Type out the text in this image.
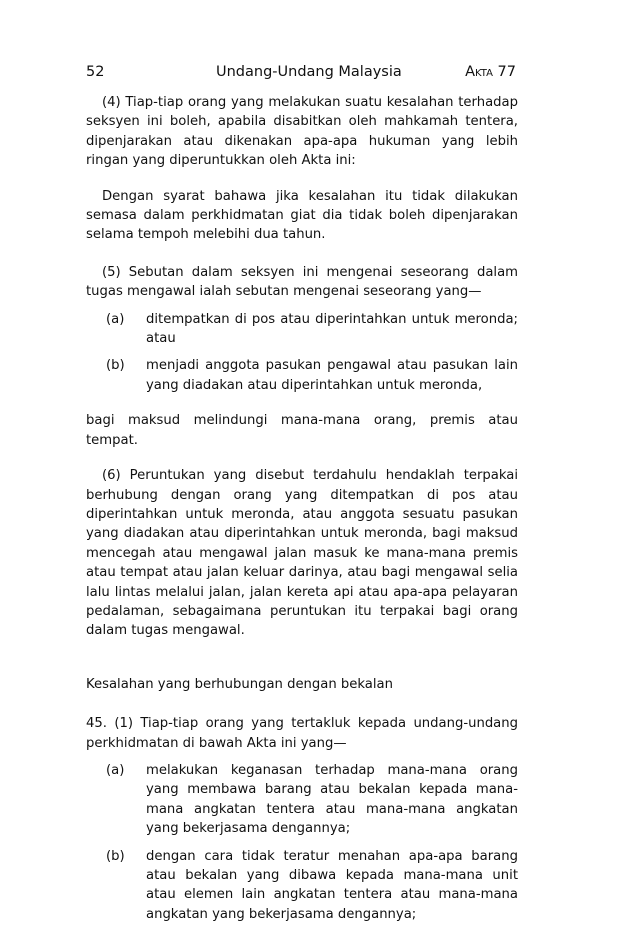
52	Undang-Undang Malaysia	Akta 77

(4) Tiap-tiap orang yang melakukan suatu kesalahan terhadap seksyen ini boleh, apabila disabitkan oleh mahkamah tentera, dipenjarakan atau dikenakan apa-apa hukuman yang lebih ringan yang diperuntukkan oleh Akta ini:

Dengan syarat bahawa jika kesalahan itu tidak dilakukan semasa dalam perkhidmatan giat dia tidak boleh dipenjarakan selama tempoh melebihi dua tahun.

(5) Sebutan dalam seksyen ini mengenai seseorang dalam tugas mengawal ialah sebutan mengenai seseorang yang—

(a) ditempatkan di pos atau diperintahkan untuk meronda; atau
(b) menjadi anggota pasukan pengawal atau pasukan lain yang diadakan atau diperintahkan untuk meronda,

bagi maksud melindungi mana-mana orang, premis atau tempat.

(6) Peruntukan yang disebut terdahulu hendaklah terpakai berhubung dengan orang yang ditempatkan di pos atau diperintahkan untuk meronda, atau anggota sesuatu pasukan yang diadakan atau diperintahkan untuk meronda, bagi maksud mencegah atau mengawal jalan masuk ke mana-mana premis atau tempat atau jalan keluar darinya, atau bagi mengawal selia lalu lintas melalui jalan, jalan kereta api atau apa-apa pelayaran pedalaman, sebagaimana peruntukan itu terpakai bagi orang dalam tugas mengawal.

Kesalahan yang berhubungan dengan bekalan

45. (1) Tiap-tiap orang yang tertakluk kepada undang-undang perkhidmatan di bawah Akta ini yang—

(a) melakukan keganasan terhadap mana-mana orang yang membawa barang atau bekalan kepada mana-mana angkatan tentera atau mana-mana angkatan yang bekerjasama dengannya;
(b) dengan cara tidak teratur menahan apa-apa barang atau bekalan yang dibawa kepada mana-mana unit atau elemen lain angkatan tentera atau mana-mana angkatan yang bekerjasama dengannya;
